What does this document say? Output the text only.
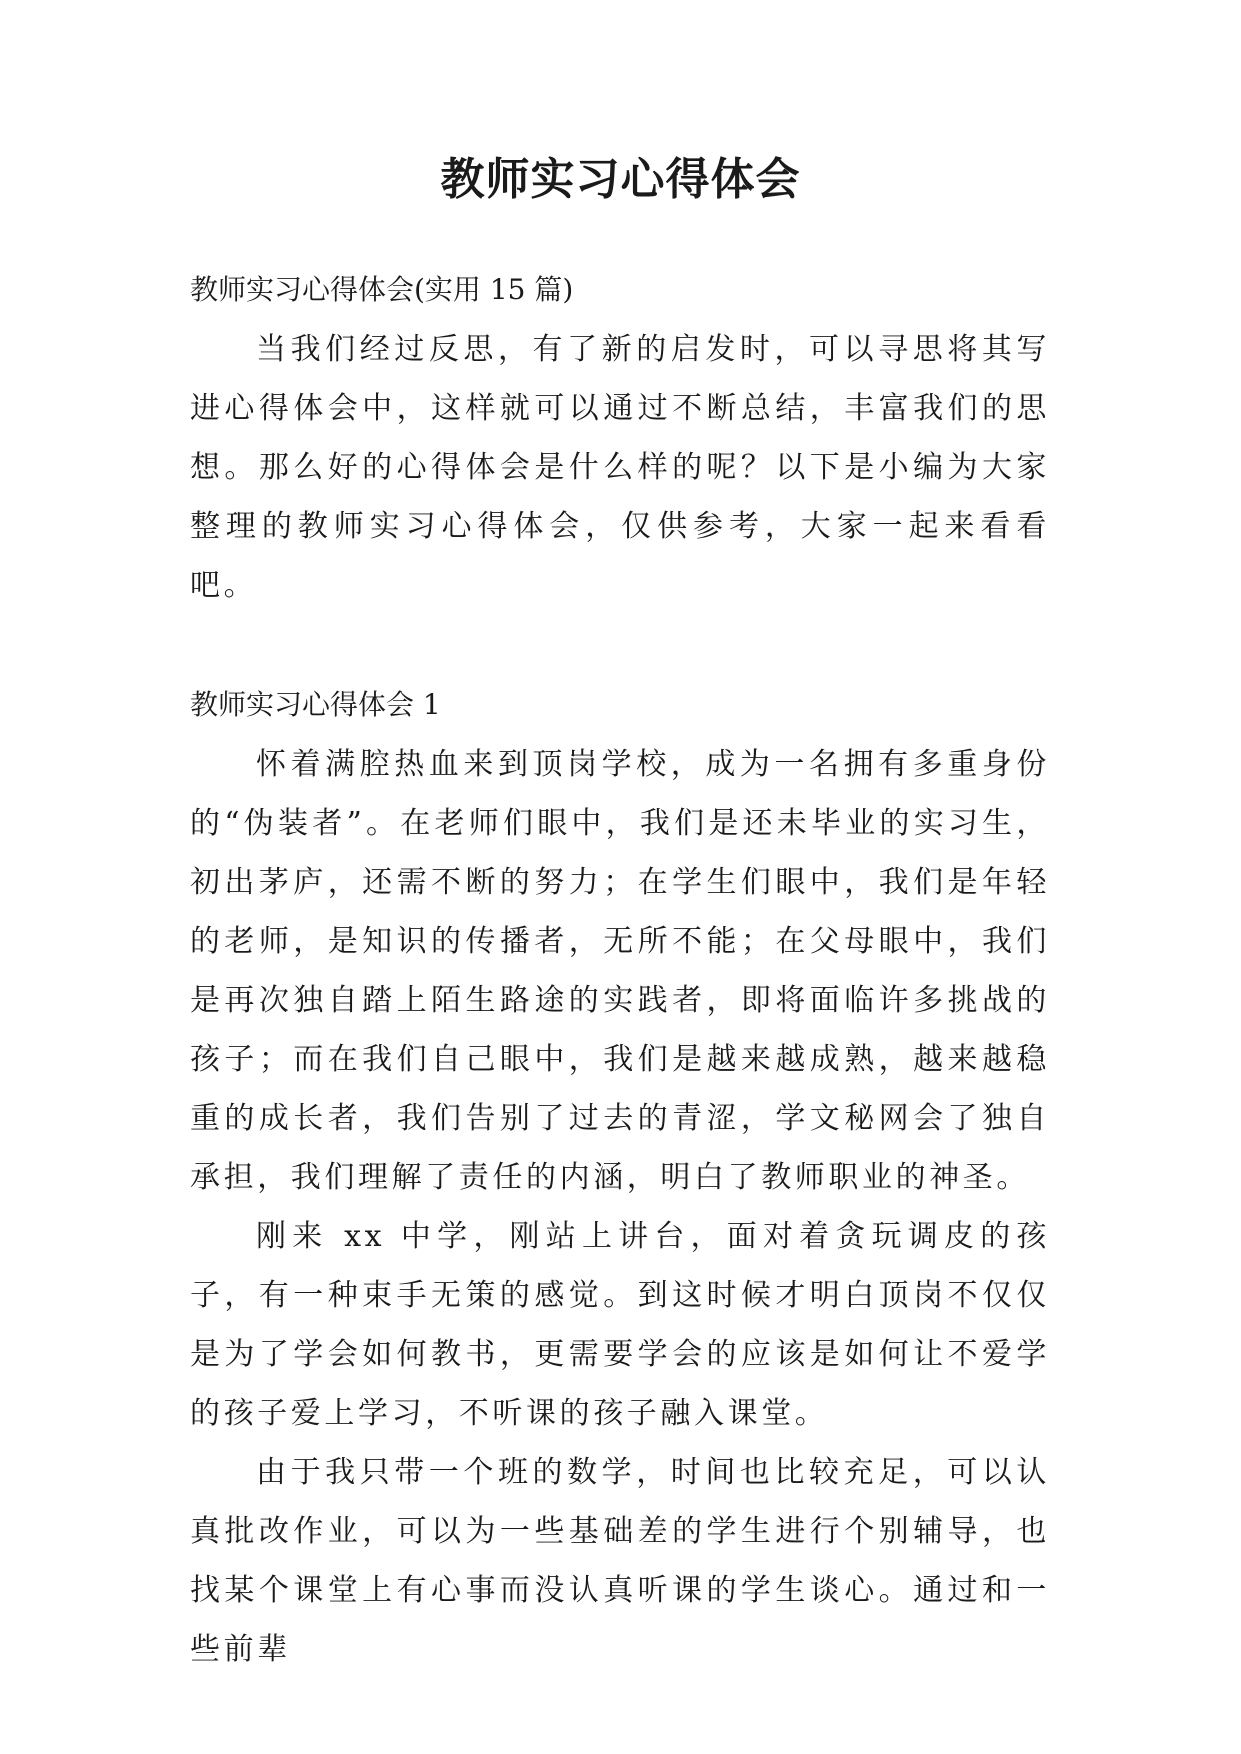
教师实习心得体会

教师实习心得体会(实用 15 篇)

当我们经过反思，有了新的启发时，可以寻思将其写进心得体会中，这样就可以通过不断总结，丰富我们的思想。那么好的心得体会是什么样的呢？以下是小编为大家整理的教师实习心得体会，仅供参考，大家一起来看看吧。

教师实习心得体会 1

怀着满腔热血来到顶岗学校，成为一名拥有多重身份的“伪装者”。在老师们眼中，我们是还未毕业的实习生，初出茅庐，还需不断的努力；在学生们眼中，我们是年轻的老师，是知识的传播者，无所不能；在父母眼中，我们是再次独自踏上陌生路途的实践者，即将面临许多挑战的孩子；而在我们自己眼中，我们是越来越成熟，越来越稳重的成长者，我们告别了过去的青涩，学文秘网会了独自承担，我们理解了责任的内涵，明白了教师职业的神圣。

刚来 xx 中学，刚站上讲台，面对着贪玩调皮的孩子，有一种束手无策的感觉。到这时候才明白顶岗不仅仅是为了学会如何教书，更需要学会的应该是如何让不爱学的孩子爱上学习，不听课的孩子融入课堂。

由于我只带一个班的数学，时间也比较充足，可以认真批改作业，可以为一些基础差的学生进行个别辅导，也找某个课堂上有心事而没认真听课的学生谈心。通过和一些前辈
